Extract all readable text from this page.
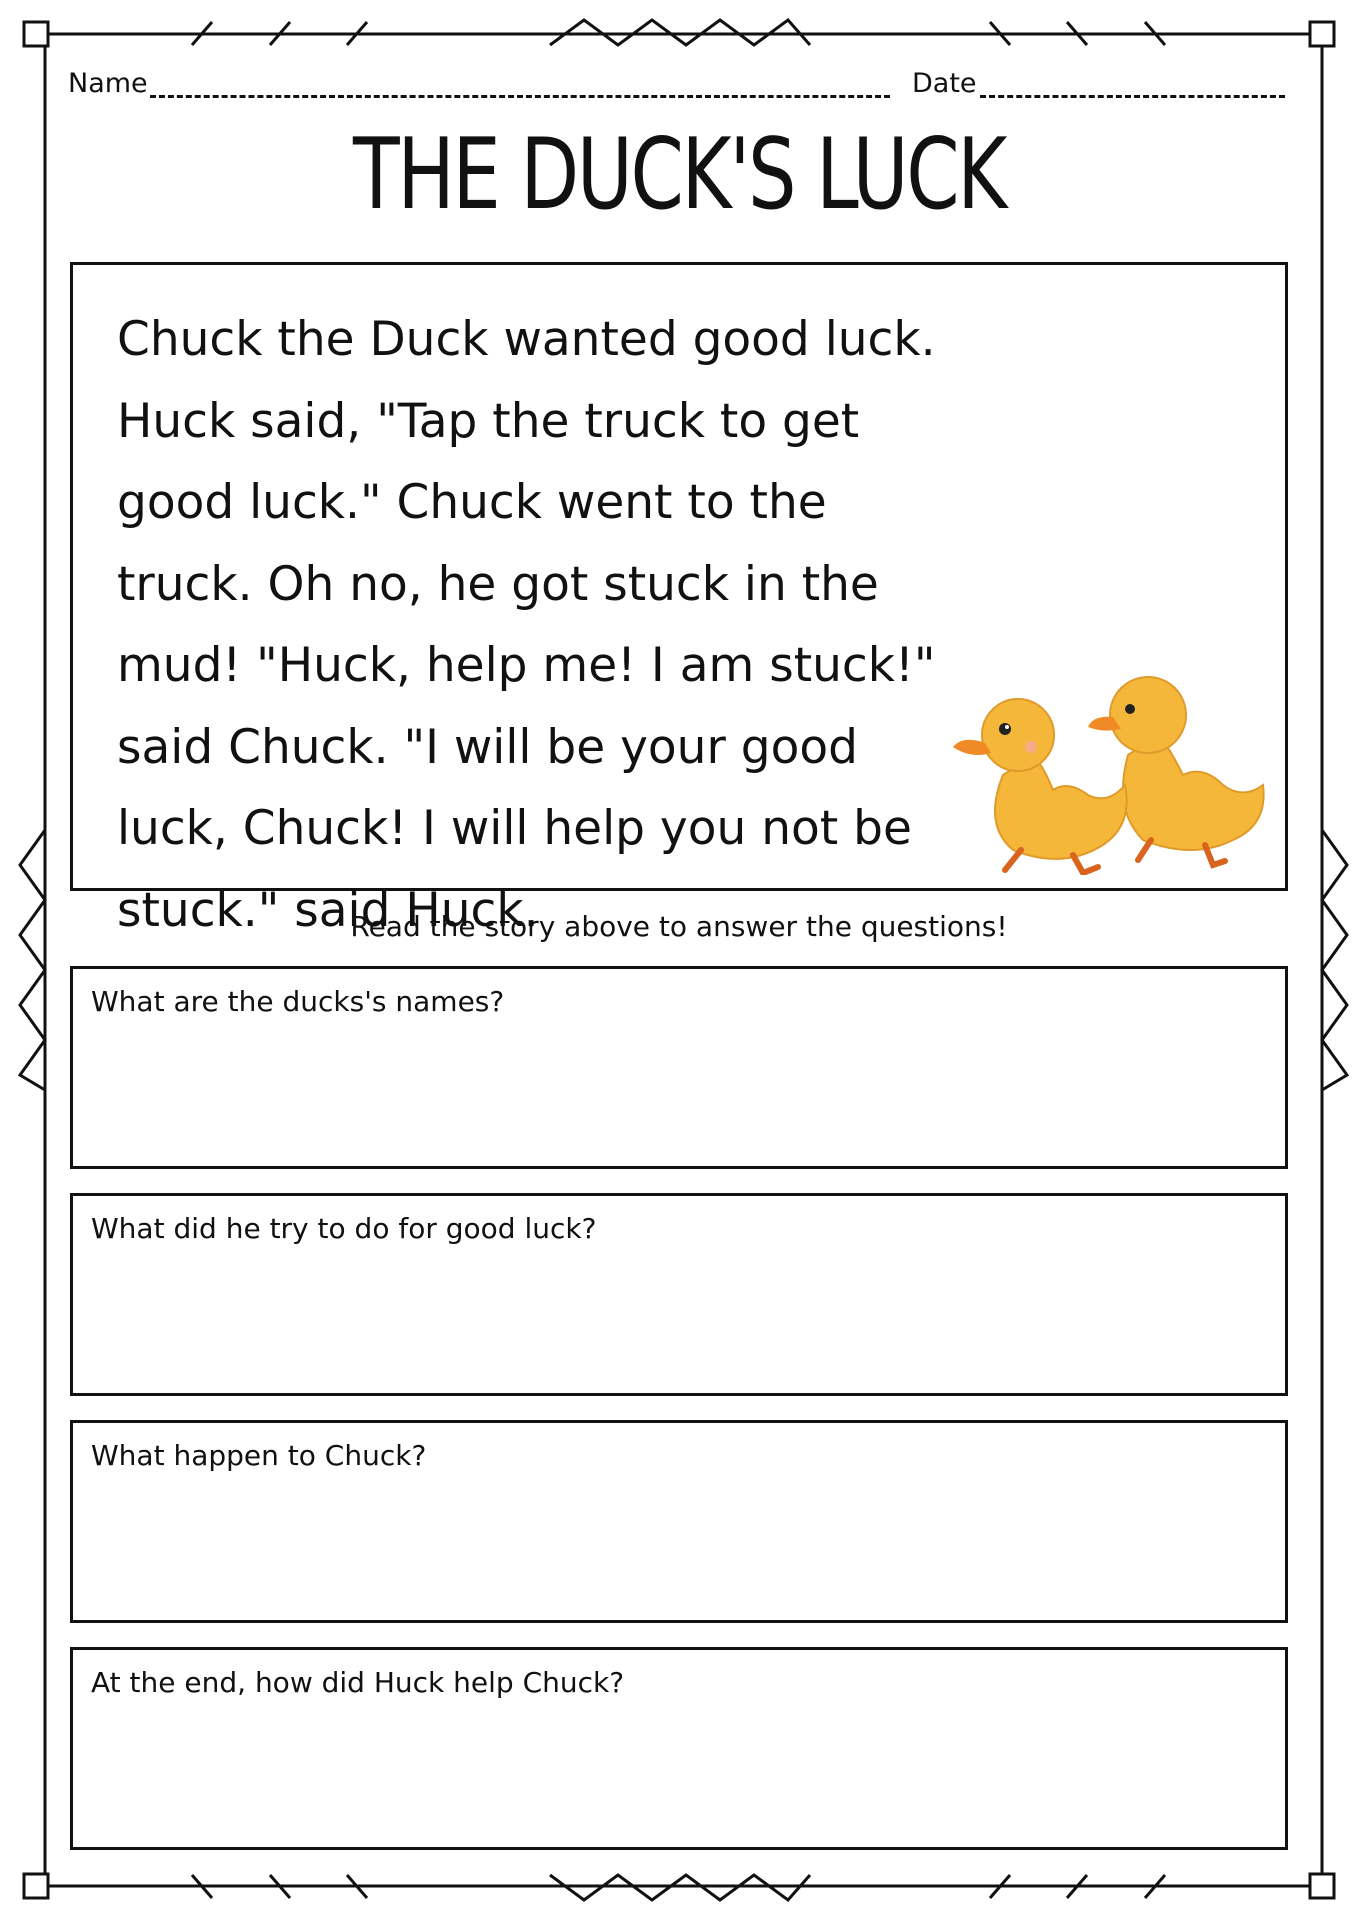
Name	Date
THE DUCK'S LUCK

Chuck the Duck wanted good luck. Huck said, "Tap the truck to get good luck." Chuck went to the truck. Oh no, he got stuck in the mud! "Huck, help me! I am stuck!" said Chuck. "I will be your good luck, Chuck! I will help you not be stuck." said Huck.

Read the story above to answer the questions!
What are the ducks's names?
What did he try to do for good luck?
What happen to Chuck?
At the end, how did Huck help Chuck?
